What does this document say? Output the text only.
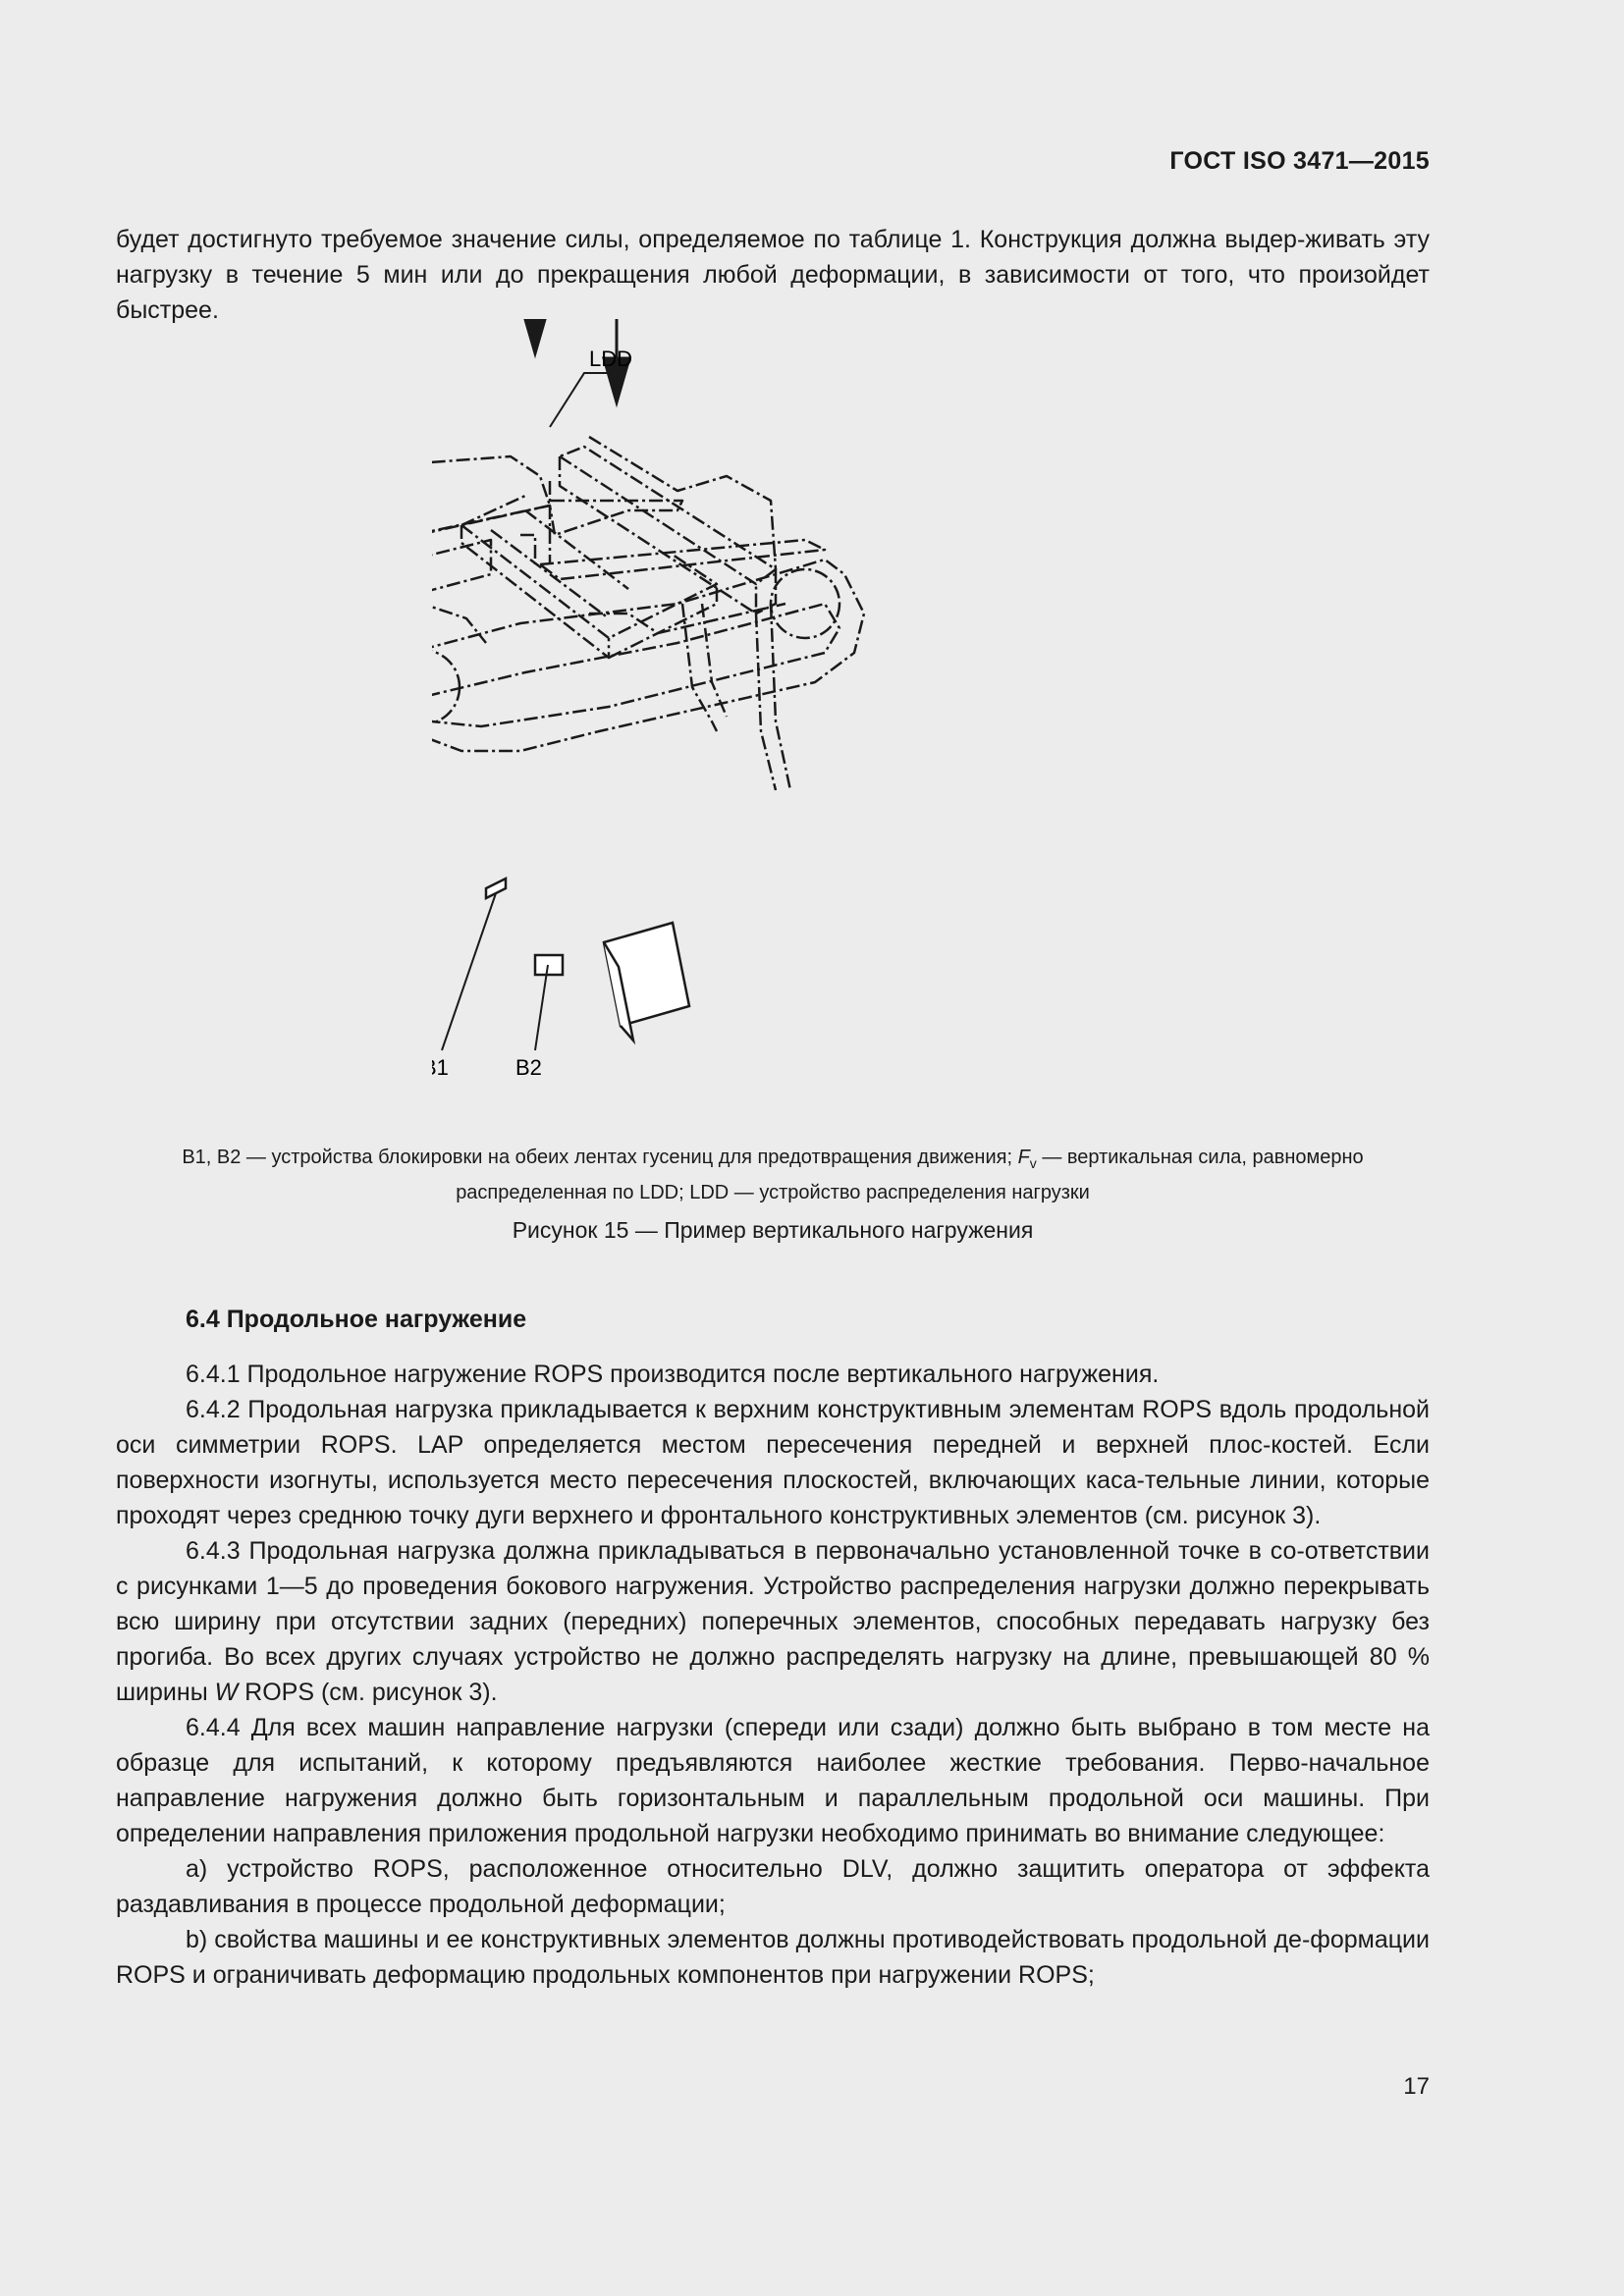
ГОСТ ISO 3471—2015

будет достигнуто требуемое значение силы, определяемое по таблице 1. Конструкция должна выдер-живать эту нагрузку в течение 5 мин или до прекращения любой деформации, в зависимости от того, что произойдет быстрее.

LDD
1	B2
B1, B2 — устройства блокировки на обеих лентах гусениц для предотвращения движения; $F_v$ — вертикальная сила, равномерно распределенная по LDD; LDD — устройство распределения нагрузки
Рисунок 15 — Пример вертикального нагружения
6.4 Продольное нагружение

6.4.1 Продольное нагружение ROPS производится после вертикального нагружения.

6.4.2 Продольная нагрузка прикладывается к верхним конструктивным элементам ROPS вдоль продольной оси симметрии ROPS. LAP определяется местом пересечения передней и верхней плос-костей. Если поверхности изогнуты, используется место пересечения плоскостей, включающих каса-тельные линии, которые проходят через среднюю точку дуги верхнего и фронтального конструктивных элементов (см. рисунок 3).

6.4.3 Продольная нагрузка должна прикладываться в первоначально установленной точке в со-ответствии с рисунками 1—5 до проведения бокового нагружения. Устройство распределения нагрузки должно перекрывать всю ширину при отсутствии задних (передних) поперечных элементов, способных передавать нагрузку без прогиба. Во всех других случаях устройство не должно распределять нагрузку на длине, превышающей 80 % ширины W ROPS (см. рисунок 3).

6.4.4 Для всех машин направление нагрузки (спереди или сзади) должно быть выбрано в том месте на образце для испытаний, к которому предъявляются наиболее жесткие требования. Перво-начальное направление нагружения должно быть горизонтальным и параллельным продольной оси машины. При определении направления приложения продольной нагрузки необходимо принимать во внимание следующее:

a) устройство ROPS, расположенное относительно DLV, должно защитить оператора от эффекта раздавливания в процессе продольной деформации;

b) свойства машины и ее конструктивных элементов должны противодействовать продольной де-формации ROPS и ограничивать деформацию продольных компонентов при нагружении ROPS;

17
